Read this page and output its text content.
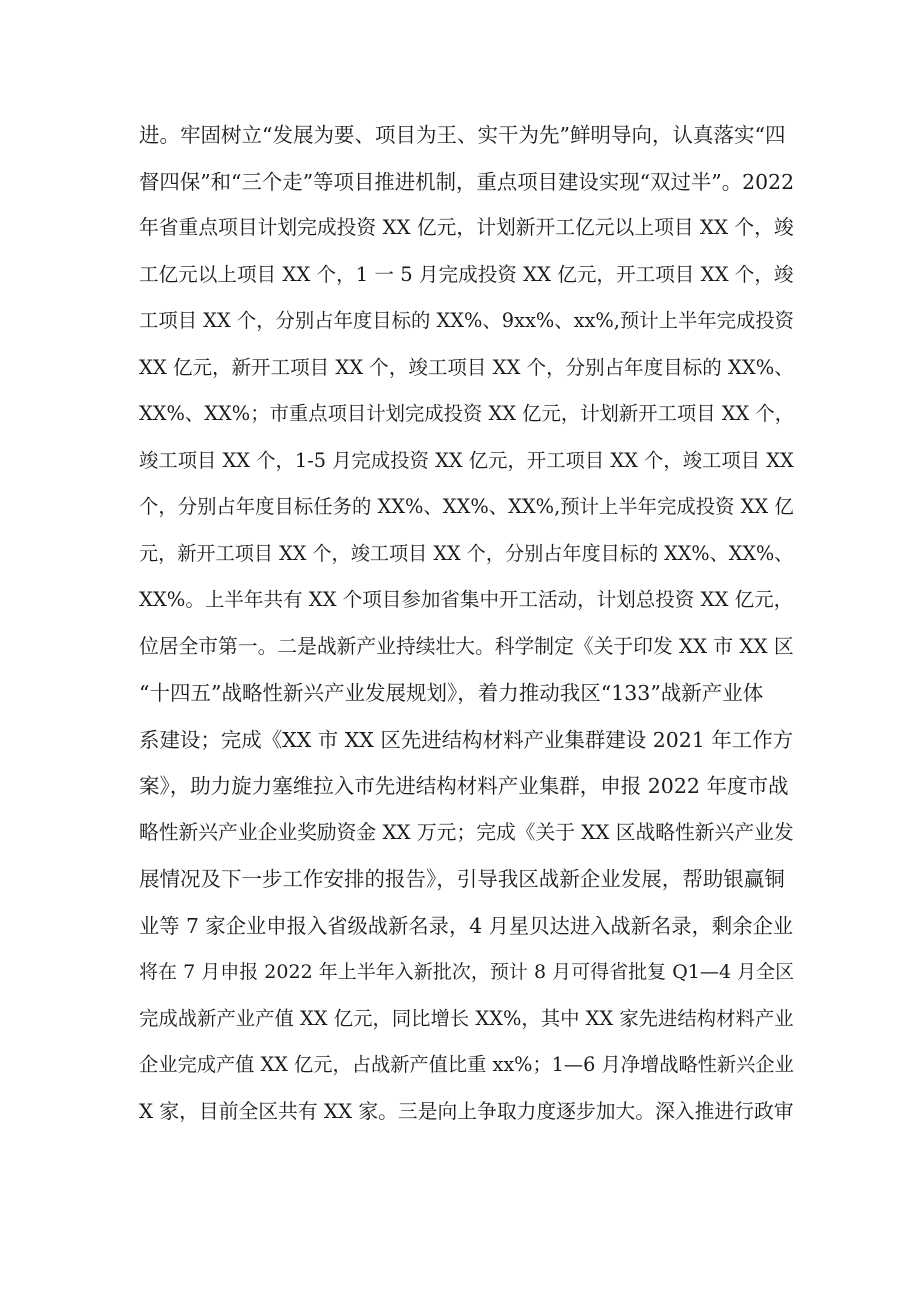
进。牢固树立“发展为要、项目为王、实干为先”鲜明导向，认真落实“四
督四保”和“三个走”等项目推进机制，重点项目建设实现“双过半”。2022
年省重点项目计划完成投资 XX 亿元，计划新开工亿元以上项目 XX 个，竣
工亿元以上项目 XX 个，1 一 5 月完成投资 XX 亿元，开工项目 XX 个，竣
工项目 XX 个，分别占年度目标的 XX%、9xx%、xx%,预计上半年完成投资
XX 亿元，新开工项目 XX 个，竣工项目 XX 个，分别占年度目标的 XX%、
XX%、XX%；市重点项目计划完成投资 XX 亿元，计划新开工项目 XX 个，
竣工项目 XX 个，1-5 月完成投资 XX 亿元，开工项目 XX 个，竣工项目 XX
个，分别占年度目标任务的 XX%、XX%、XX%,预计上半年完成投资 XX 亿
元，新开工项目 XX 个，竣工项目 XX 个，分别占年度目标的 XX%、XX%、
XX%。上半年共有 XX 个项目参加省集中开工活动，计划总投资 XX 亿元，
位居全市第一。二是战新产业持续壮大。科学制定《关于印发 XX 市 XX 区
“十四五”战略性新兴产业发展规划》，着力推动我区“133”战新产业体
系建设；完成《XX 市 XX 区先进结构材料产业集群建设 2021 年工作方
案》，助力旋力塞维拉入市先进结构材料产业集群，申报 2022 年度市战
略性新兴产业企业奖励资金 XX 万元；完成《关于 XX 区战略性新兴产业发
展情况及下一步工作安排的报告》，引导我区战新企业发展，帮助银赢铜
业等 7 家企业申报入省级战新名录，4 月星贝达进入战新名录，剩余企业
将在 7 月申报 2022 年上半年入新批次，预计 8 月可得省批复 Q1—4 月全区
完成战新产业产值 XX 亿元，同比增长 XX%，其中 XX 家先进结构材料产业
企业完成产值 XX 亿元，占战新产值比重 xx%；1—6 月净增战略性新兴企业
X 家，目前全区共有 XX 家。三是向上争取力度逐步加大。深入推进行政审
